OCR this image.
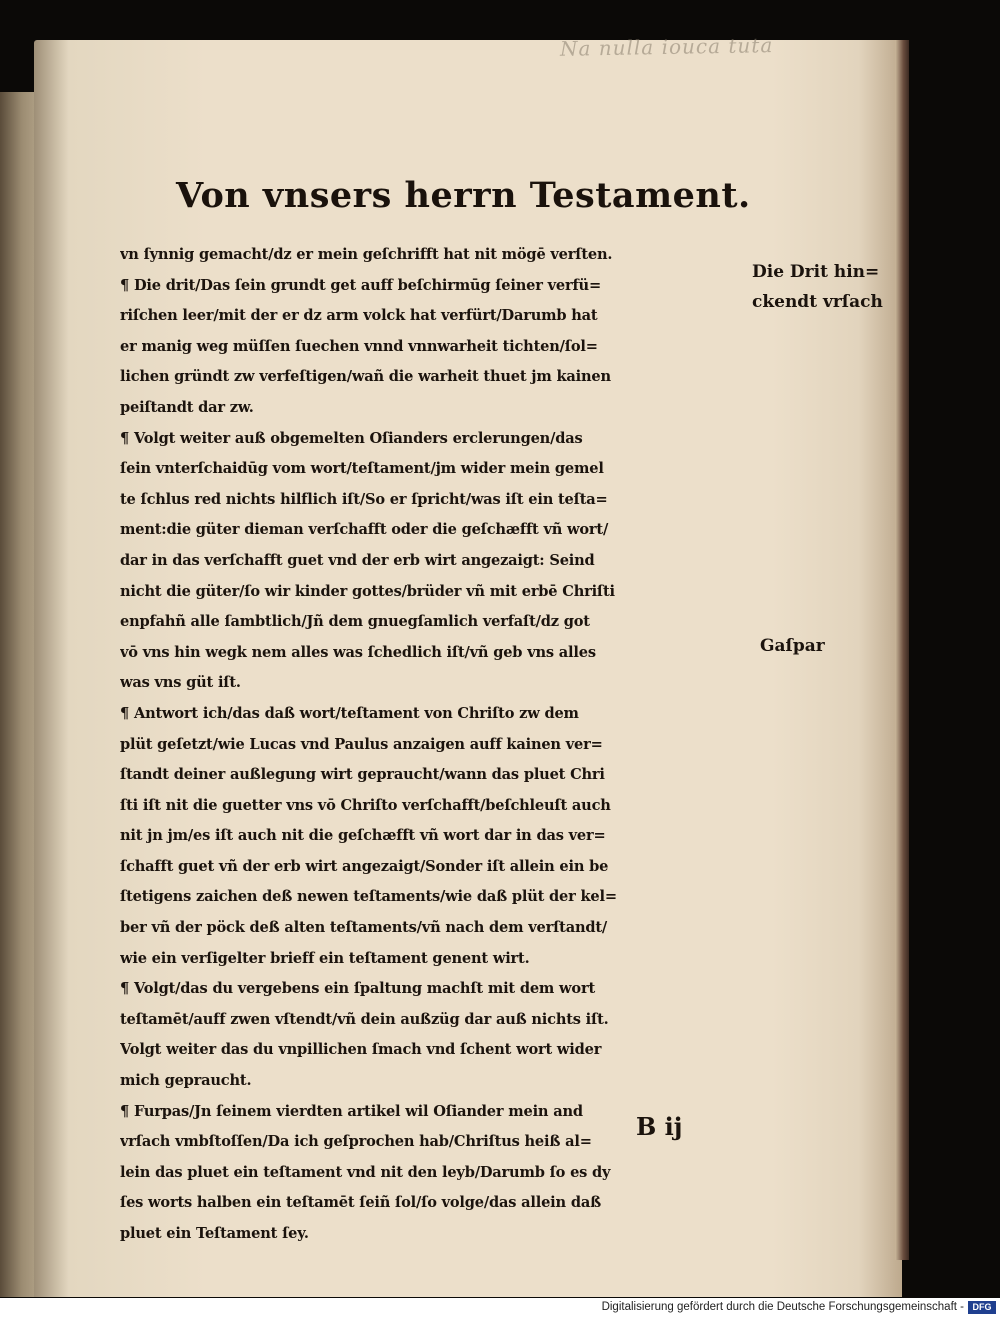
Na nulla iouca tuta
Von vnsers herrn Testament.
vn ſynnig gemacht/dz er mein geſchrifft hat nit mögē verſten.
¶ Die drit/Das ſein grundt get auff beſchirmūg ſeiner verfü=
riſchen leer/mit der er dz arm volck hat verfürt/Darumb hat
er manig weg müſſen ſuechen vnnd vnnwarheit tichten/ſol=
lichen gründt zw verfeſtigen/wañ die warheit thuet jm kainen
peiſtandt dar zw.
¶ Volgt weiter auß obgemelten Oſianders erclerungen/das
ſein vnterſchaidūg vom wort/teſtament/jm wider mein gemel
te ſchlus red nichts hilflich iſt/So er ſpricht/was iſt ein teſta=
ment:die güter dieman verſchafft oder die geſchæfft vñ wort/
dar in das verſchafft guet vnd der erb wirt angezaigt: Seind
nicht die güter/ſo wir kinder gottes/brüder vñ mit erbē Chriſti
enpfahñ alle ſambtlich/Jñ dem gnuegſamlich verfaſt/dz got
vō vns hin wegk nem alles was ſchedlich iſt/vñ geb vns alles
was vns güt iſt.
¶ Antwort ich/das daß wort/teſtament von Chriſto zw dem
plüt geſetzt/wie Lucas vnd Paulus anzaigen auff kainen ver=
ſtandt deiner außlegung wirt gepraucht/wann das pluet Chri
ſti iſt nit die guetter vns vō Chriſto verſchafft/beſchleuſt auch
nit jn jm/es iſt auch nit die geſchæfft vñ wort dar in das ver=
ſchafft guet vñ der erb wirt angezaigt/Sonder iſt allein ein be
ſtetigens zaichen deß newen teſtaments/wie daß plüt der kel=
ber vñ der pöck deß alten teſtaments/vñ nach dem verſtandt/
wie ein verſigelter brieff ein teſtament genent wirt.
¶ Volgt/das du vergebens ein ſpaltung machſt mit dem wort
teſtamēt/auff zwen vſtendt/vñ dein außzüg dar auß nichts iſt.
Volgt weiter das du vnpillichen ſmach vnd ſchent wort wider
mich gepraucht.
¶ Furpas/Jn ſeinem vierdten artikel wil Oſiander mein and
vrſach vmbſtoſſen/Da ich geſprochen hab/Chriſtus heiß al=
lein das pluet ein teſtament vnd nit den leyb/Darumb ſo es dy
ſes worts halben ein teſtamēt ſeiñ ſol/ſo volge/das allein daß
pluet ein Teſtament ſey.
Die Drit hin=
ckendt vrſach
Gaſpar
B ij
Digitalisierung gefördert durch die Deutsche Forschungsgemeinschaft - DFG
